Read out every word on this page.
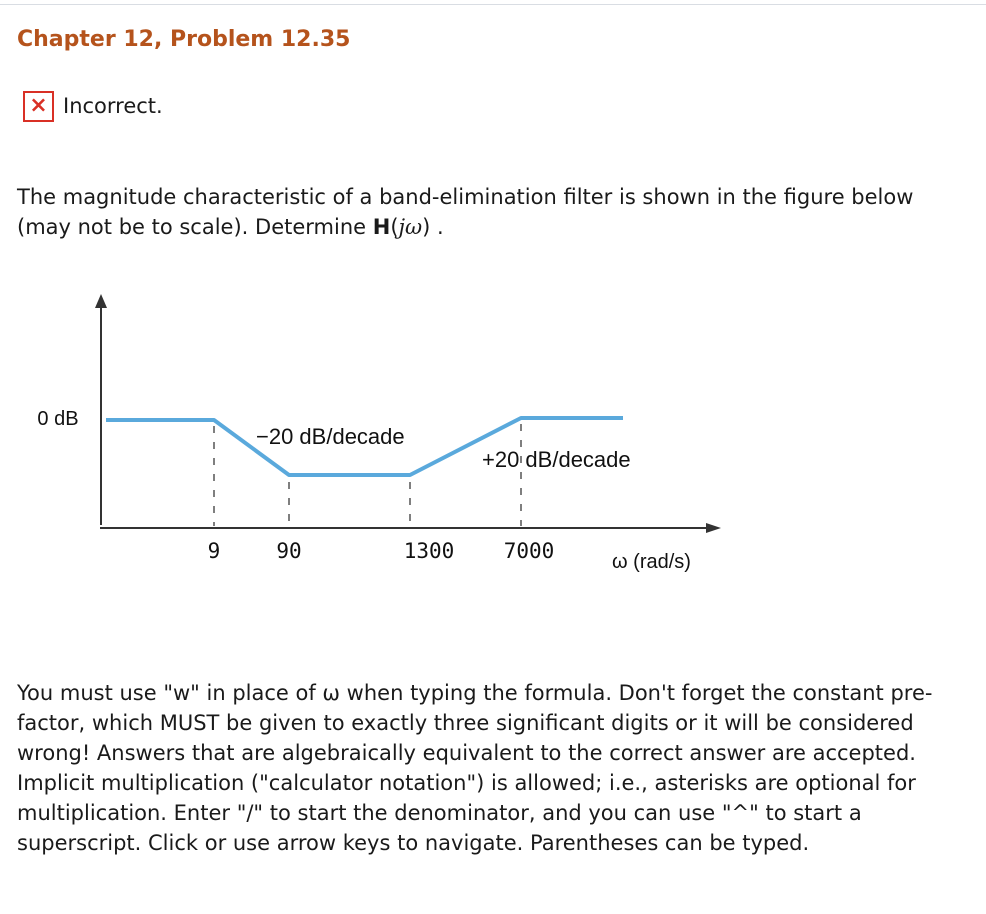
Chapter 12, Problem 12.35
× Incorrect.
The magnitude characteristic of a band-elimination filter is shown in the figure below (may not be to scale). Determine H(jω) .
0 dB
−20 dB/decade
+20 dB/decade
9	90	1300 7000	ω (rad/s)
You must use "w" in place of ω when typing the formula. Don't forget the constant pre-factor, which MUST be given to exactly three significant digits or it will be considered wrong! Answers that are algebraically equivalent to the correct answer are accepted. Implicit multiplication ("calculator notation") is allowed; i.e., asterisks are optional for multiplication. Enter "/" to start the denominator, and you can use "^" to start a superscript. Click or use arrow keys to navigate. Parentheses can be typed.
